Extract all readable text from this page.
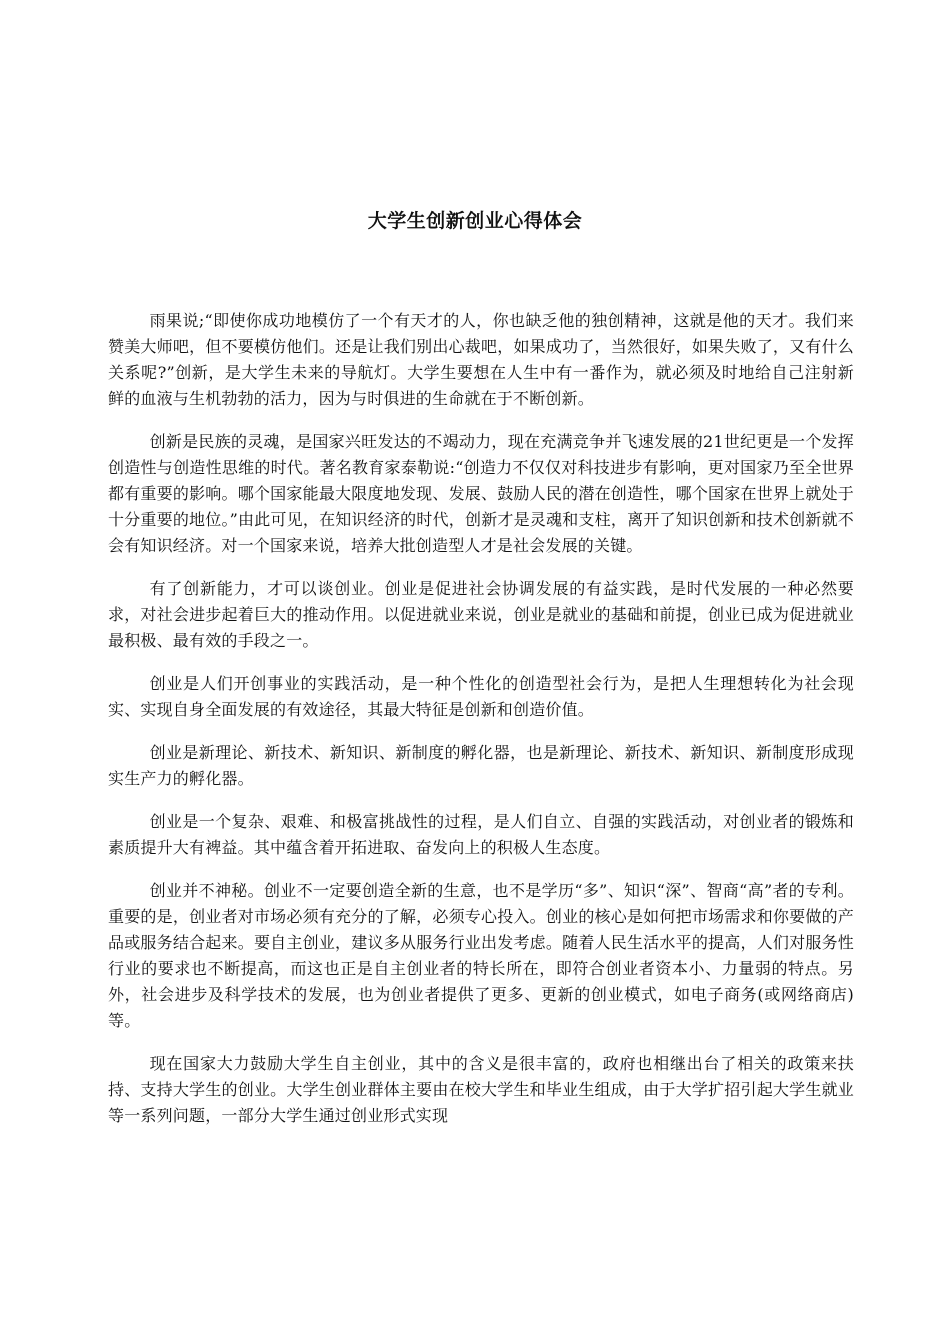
大学生创新创业心得体会

雨果说;“即使你成功地模仿了一个有天才的人，你也缺乏他的独创精神，这就是他的天才。我们来赞美大师吧，但不要模仿他们。还是让我们别出心裁吧，如果成功了，当然很好，如果失败了，又有什么关系呢?”创新，是大学生未来的导航灯。大学生要想在人生中有一番作为，就必须及时地给自己注射新鲜的血液与生机勃勃的活力，因为与时俱进的生命就在于不断创新。

创新是民族的灵魂，是国家兴旺发达的不竭动力，现在充满竞争并飞速发展的21世纪更是一个发挥创造性与创造性思维的时代。著名教育家泰勒说:“创造力不仅仅对科技进步有影响，更对国家乃至全世界都有重要的影响。哪个国家能最大限度地发现、发展、鼓励人民的潜在创造性，哪个国家在世界上就处于十分重要的地位。”由此可见，在知识经济的时代，创新才是灵魂和支柱，离开了知识创新和技术创新就不会有知识经济。对一个国家来说，培养大批创造型人才是社会发展的关键。

有了创新能力，才可以谈创业。创业是促进社会协调发展的有益实践，是时代发展的一种必然要求，对社会进步起着巨大的推动作用。以促进就业来说，创业是就业的基础和前提，创业已成为促进就业最积极、最有效的手段之一。

创业是人们开创事业的实践活动，是一种个性化的创造型社会行为，是把人生理想转化为社会现实、实现自身全面发展的有效途径，其最大特征是创新和创造价值。

创业是新理论、新技术、新知识、新制度的孵化器，也是新理论、新技术、新知识、新制度形成现实生产力的孵化器。

创业是一个复杂、艰难、和极富挑战性的过程，是人们自立、自强的实践活动，对创业者的锻炼和素质提升大有裨益。其中蕴含着开拓进取、奋发向上的积极人生态度。

创业并不神秘。创业不一定要创造全新的生意，也不是学历“多”、知识“深”、智商“高”者的专利。重要的是，创业者对市场必须有充分的了解，必须专心投入。创业的核心是如何把市场需求和你要做的产品或服务结合起来。要自主创业，建议多从服务行业出发考虑。随着人民生活水平的提高，人们对服务性行业的要求也不断提高，而这也正是自主创业者的特长所在，即符合创业者资本小、力量弱的特点。另外，社会进步及科学技术的发展，也为创业者提供了更多、更新的创业模式，如电子商务(或网络商店)等。

现在国家大力鼓励大学生自主创业，其中的含义是很丰富的，政府也相继出台了相关的政策来扶持、支持大学生的创业。大学生创业群体主要由在校大学生和毕业生组成，由于大学扩招引起大学生就业等一系列问题，一部分大学生通过创业形式实现
